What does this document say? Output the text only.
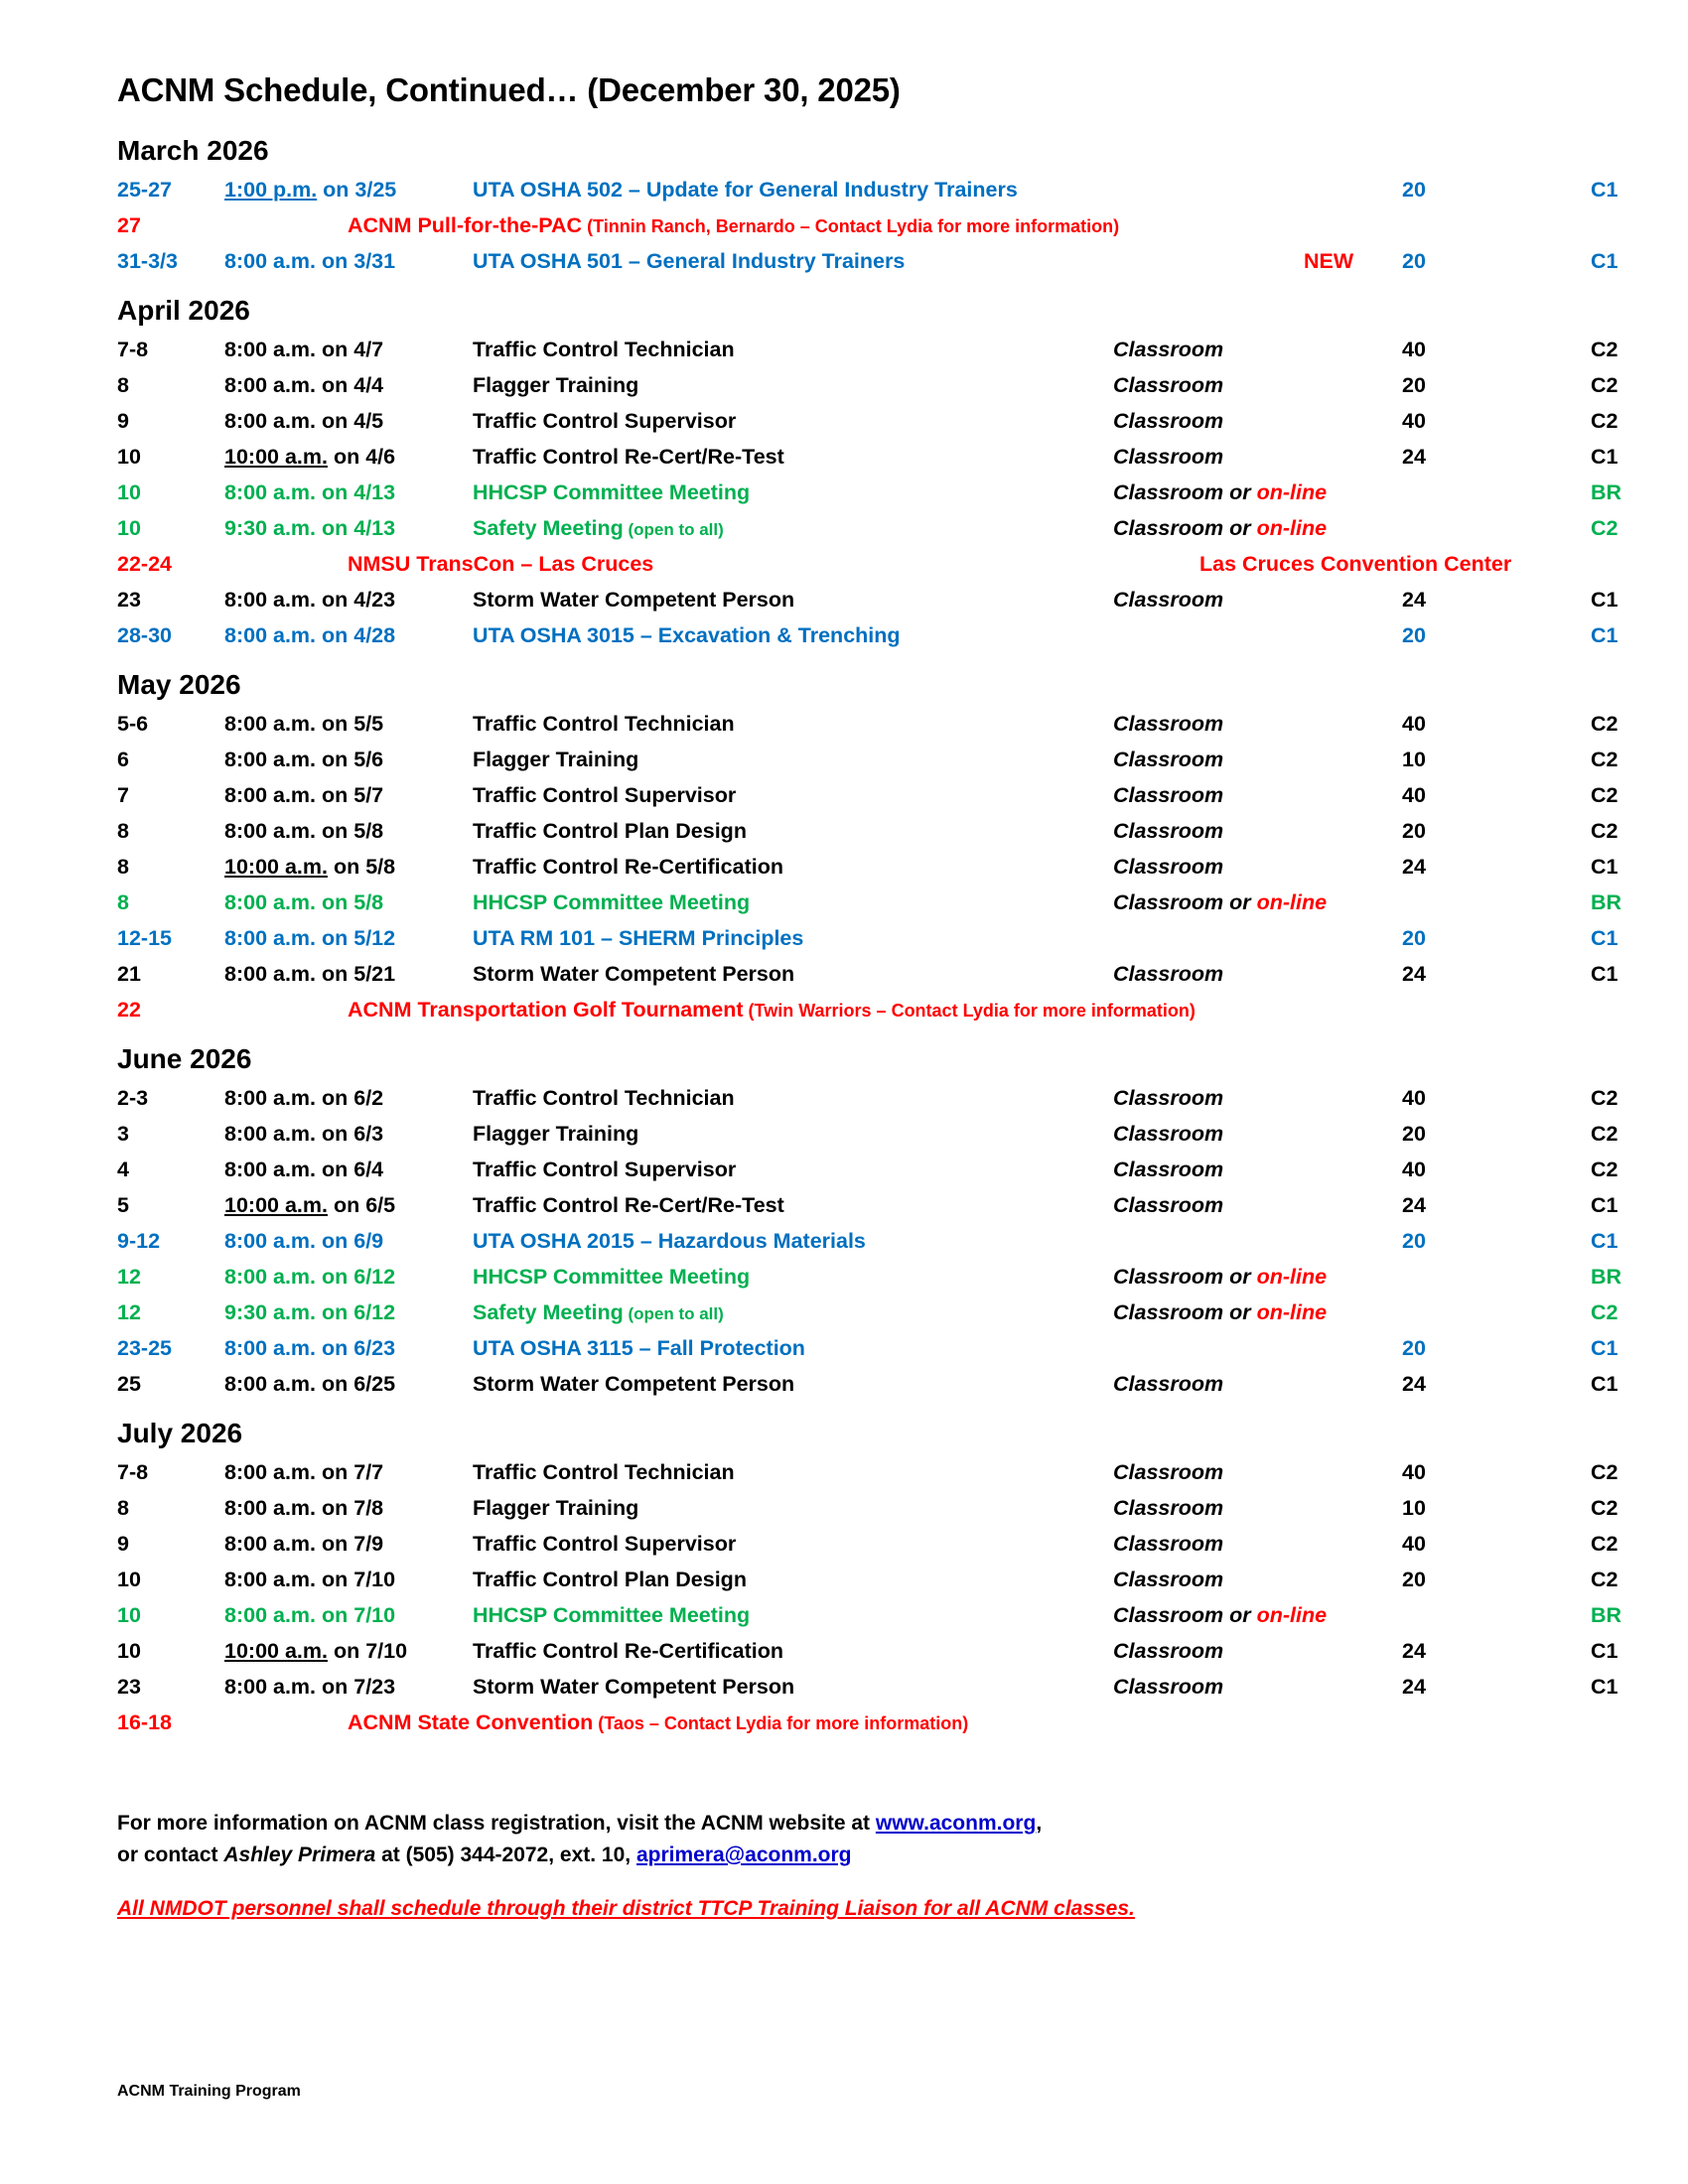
ACNM Schedule, Continued… (December 30, 2025)
March 2026
25-27 1:00 p.m. on 3/25	UTA OSHA 502 – Update for General Industry Trainers	20	C1
27	ACNM Pull-for-the-PAC (Tinnin Ranch, Bernardo – Contact Lydia for more information)
31-3/3 8:00 a.m. on 3/31	UTA OSHA 501 – General Industry Trainers	NEW 20	C1
April 2026
7-8	8:00 a.m. on 4/7	Traffic Control Technician	Classroom	40	C2
8	8:00 a.m. on 4/4	Flagger Training	Classroom	20	C2
9	8:00 a.m. on 4/5	Traffic Control Supervisor	Classroom	40	C2
10	10:00 a.m. on 4/6	Traffic Control Re-Cert/Re-Test	Classroom	24	C1
10	8:00 a.m. on 4/13	HHCSP Committee Meeting	Classroom or on-line	BR
10	9:30 a.m. on 4/13	Safety Meeting (open to all)	Classroom or on-line	C2
22-24	NMSU TransCon – Las Cruces	Las Cruces Convention Center
23	8:00 a.m. on 4/23	Storm Water Competent Person	Classroom	24	C1
28-30 8:00 a.m. on 4/28	UTA OSHA 3015 – Excavation & Trenching	20	C1
May 2026
5-6	8:00 a.m. on 5/5	Traffic Control Technician	Classroom	40	C2
6	8:00 a.m. on 5/6	Flagger Training	Classroom	10	C2
7	8:00 a.m. on 5/7	Traffic Control Supervisor	Classroom	40	C2
8	8:00 a.m. on 5/8	Traffic Control Plan Design	Classroom	20	C2
8	10:00 a.m. on 5/8	Traffic Control Re-Certification	Classroom	24	C1
8	8:00 a.m. on 5/8	HHCSP Committee Meeting	Classroom or on-line	BR
12-15 8:00 a.m. on 5/12	UTA RM 101 – SHERM Principles	20	C1
21	8:00 a.m. on 5/21	Storm Water Competent Person	Classroom	24	C1
22	ACNM Transportation Golf Tournament (Twin Warriors – Contact Lydia for more information)
June 2026
2-3	8:00 a.m. on 6/2	Traffic Control Technician	Classroom	40	C2
3	8:00 a.m. on 6/3	Flagger Training	Classroom	20	C2
4	8:00 a.m. on 6/4	Traffic Control Supervisor	Classroom	40	C2
5	10:00 a.m. on 6/5	Traffic Control Re-Cert/Re-Test	Classroom	24	C1
9-12	8:00 a.m. on 6/9	UTA OSHA 2015 – Hazardous Materials	20	C1
12	8:00 a.m. on 6/12	HHCSP Committee Meeting	Classroom or on-line	BR
12	9:30 a.m. on 6/12	Safety Meeting (open to all)	Classroom or on-line	C2
23-25 8:00 a.m. on 6/23	UTA OSHA 3115 – Fall Protection	20	C1
25	8:00 a.m. on 6/25	Storm Water Competent Person	Classroom	24	C1
July 2026
7-8	8:00 a.m. on 7/7	Traffic Control Technician	Classroom	40	C2
8	8:00 a.m. on 7/8	Flagger Training	Classroom	10	C2
9	8:00 a.m. on 7/9	Traffic Control Supervisor	Classroom	40	C2
10	8:00 a.m. on 7/10	Traffic Control Plan Design	Classroom	20	C2
10	8:00 a.m. on 7/10	HHCSP Committee Meeting	Classroom or on-line	BR
10	10:00 a.m. on 7/10	Traffic Control Re-Certification	Classroom	24	C1
23	8:00 a.m. on 7/23	Storm Water Competent Person	Classroom	24	C1
16-18	ACNM State Convention (Taos – Contact Lydia for more information)
For more information on ACNM class registration, visit the ACNM website at www.aconm.org,
or contact Ashley Primera at (505) 344-2072, ext. 10, aprimera@aconm.org
All NMDOT personnel shall schedule through their district TTCP Training Liaison for all ACNM classes.
ACNM Training Program
